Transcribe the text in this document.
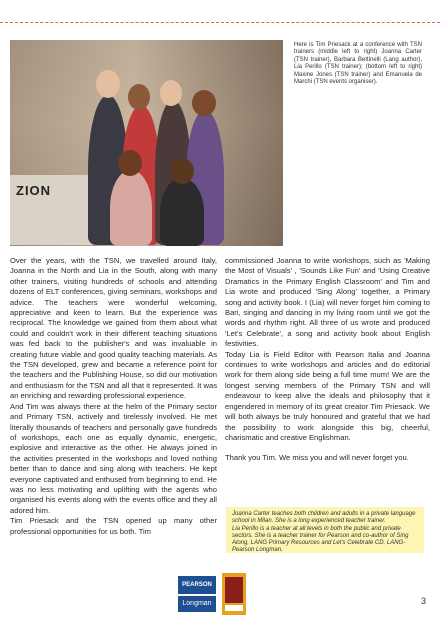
ZION
Here is Tim Priesack at a conference with TSN trainers (middle left to right) Joanna Carter (TSN trainer), Barbara Bettinelli (Lang author), Lia Perillo (TSN trainer); (bottom left to right) Maxine Jones (TSN trainer) and Emanuela de Marchi (TSN events organiser).

Over the years, with the TSN, we travelled around Italy, Joanna in the North and Lia in the South, along with many other trainers, visiting hundreds of schools and attending dozens of ELT conferences, giving seminars, workshops and advice. The teachers were wonderful welcoming, appreciative and keen to learn. But the experience was reciprocal. The knowledge we gained from them about what could and couldn't work in their different teaching situations was fed back to the publisher's and was invaluable in creating future viable and good quality teaching materials. As the TSN developed, grew and became a reference point for the teachers and the Publishing House, so did our motivation and enthusiasm for the TSN and all that it represented. It was an enriching and rewarding professional experience.

And Tim was always there at the helm of the Primary sector and Primary TSN, actively and tirelessly involved. He met literally thousands of teachers and personally gave hundreds of workshops, each one as equally dynamic, energetic, explosive and interactive as the other. He always joined in the activities presented in the workshops and loved nothing better than to dance and sing along with teachers. He kept everyone captivated and enthused from beginning to end. He was no less motivating and uplifting with the agents who organised his events along with the events office and they all adored him.

Tim Priesack and the TSN opened up many other professional opportunities for us both. Tim

commissioned Joanna to write workshops, such as 'Making the Most of Visuals' , 'Sounds Like Fun' and 'Using Creative Dramatics in the Primary English Classroom' and Tim and Lia wrote and produced 'Sing Along' together, a Primary song and activity book. I (Lia) will never forget him coming to Bari, singing and dancing in my living room until we got the words and rhythm right. All three of us wrote and produced 'Let's Celebrate', a song and activity book about English festivities.

Today Lia is Field Editor with Pearson Italia and Joanna continues to write workshops and articles and do editorial work for them along side being a full time mum! We are the longest serving members of the Primary TSN and will endeavour to keep alive the ideals and philosophy that it engendered in memory of its great creator Tim Priesack. We will both always be truly honoured and grateful that we had the possibility to work alongside this big, cheerful, charismatic and creative Englishman.

Thank you Tim. We miss you and will never forget you.

Joanna Carter teaches both children and adults in a private language school in Milan. She is a long experienced teacher trainer.

Lia Perillo is a teacher at all levels in both the public and private sectors. She is a teacher trainer for Pearson and co-author of Sing Along, LANG Primary Resources and Let's Celebrate CD, LANG-Pearson Longman.

PEARSON
Longman	3
